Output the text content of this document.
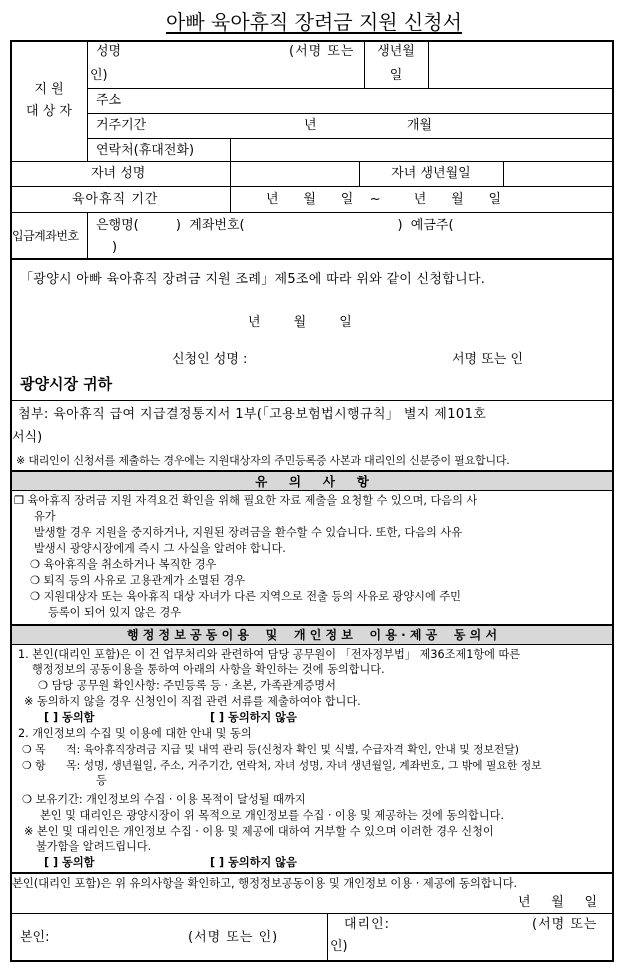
아빠 육아휴직 장려금 지원 신청서
지 원
대 상 자
성명	(서명 또는
인)
생년월
일
주소
거주기간	년	개월
연락처(휴대전화)
자녀 성명	자녀 생년월일
육아휴직 기간	년      월      일    ~        년      월      일
입금계좌번호
은행명(         )  계좌번호(                                     )  예금주(
)
「광양시 아빠 육아휴직 장려금 지원 조례」제5조에 따라 위와 같이 신청합니다.
년        월        일
신청인 성명 :	서명 또는 인
광양시장 귀하
첨부: 육아휴직 급여 지급결정통지서 1부(「고용보험법시행규칙」 별지 제101호
서식)
※ 대리인이 신청서를 제출하는 경우에는 지원대상자의 주민등록증 사본과 대리인의 신분증이 필요합니다.
유     의     사     항
❒ 육아휴직 장려금 지원 자격요건 확인을 위해 필요한 자료 제출을 요청할 수 있으며, 다음의 사
유가
발생할 경우 지원을 중지하거나, 지원된 장려금을 환수할 수 있습니다. 또한, 다음의 사유
발생시 광양시장에게 즉시 그 사실을 알려야 합니다.
❍ 육아휴직을 취소하거나 복직한 경우
❍ 퇴직 등의 사유로 고용관계가 소멸된 경우
❍ 지원대상자 또는 육아휴직 대상 자녀가 다른 지역으로 전출 등의 사유로 광양시에 주민
등록이 되어 있지 않은 경우
행 정 정 보 공 동 이 용    및    개 인 정 보    이 용 · 제 공    동 의 서
1. 본인(대리인 포함)은 이 건 업무처리와 관련하여 담당 공무원이 「전자정부법」 제36조제1항에 따른
행정정보의 공동이용을 통하여 아래의 사항을 확인하는 것에 동의합니다.
❍ 담당 공무원 확인사항: 주민등록 등 · 초본, 가족관계증명서
※ 동의하지 않을 경우 신청인이 직접 관련 서류를 제출하여야 합니다.
[ ] 동의함	[ ] 동의하지 않음
2. 개인정보의 수집 및 이용에 대한 안내 및 동의
❍ 목      적: 육아휴직장려금 지급 및 내역 관리 등(신청자 확인 및 식별, 수급자격 확인, 안내 및 정보전달)
❍ 항      목: 성명, 생년월일, 주소, 거주기간, 연락처, 자녀 성명, 자녀 생년월일, 계좌번호, 그 밖에 필요한 정보
등
❍ 보유기간: 개인정보의 수집 · 이용 목적이 달성될 때까지
본인 및 대리인은 광양시장이 위 목적으로 개인정보를 수집 · 이용 및 제공하는 것에 동의합니다.
※ 본인 및 대리인은 개인정보 수집 · 이용 및 제공에 대하여 거부할 수 있으며 이러한 경우 신청이
불가함을 알려드립니다.
[ ] 동의함	[ ] 동의하지 않음
본인(대리인 포함)은 위 유의사항을 확인하고, 행정정보공동이용 및 개인정보 이용 · 제공에 동의합니다.
년     월     일
본인:	(서명 또는 인)
대리인:	(서명 또는
인)
